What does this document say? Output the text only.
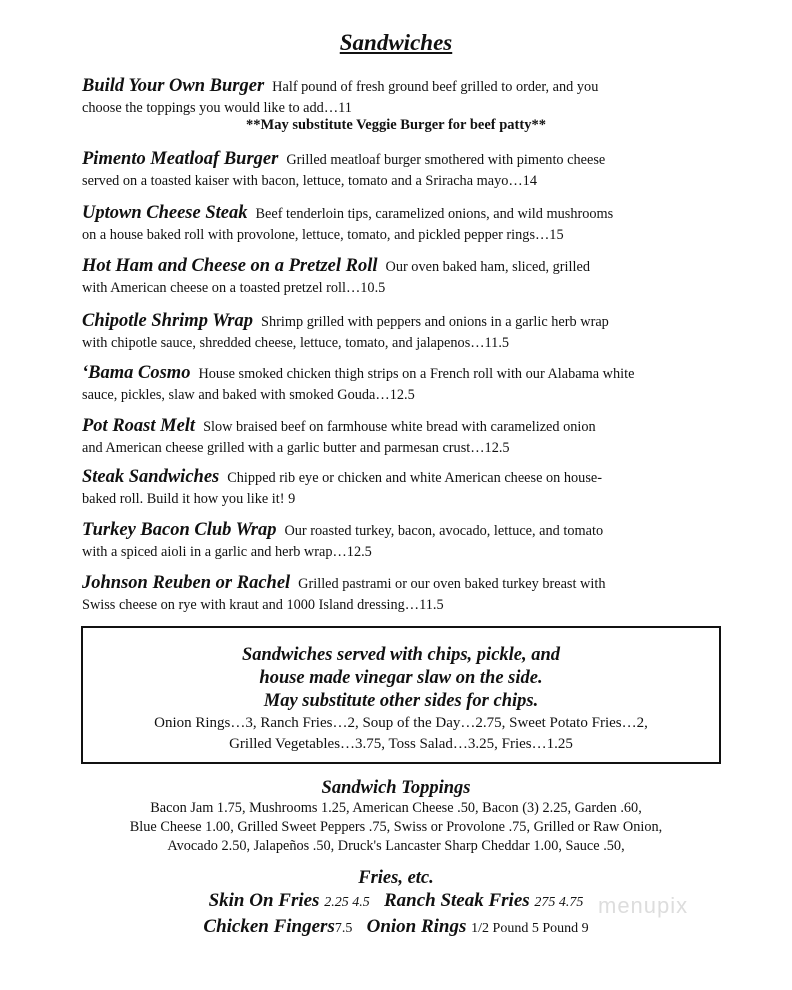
Sandwiches
Build Your Own Burger Half pound of fresh ground beef grilled to order, and you
choose the toppings you would like to add…11
**May substitute Veggie Burger for beef patty**
Pimento Meatloaf Burger Grilled meatloaf burger smothered with pimento cheese
served on a toasted kaiser with bacon, lettuce, tomato and a Sriracha mayo…14
Uptown Cheese Steak Beef tenderloin tips, caramelized onions, and wild mushrooms
on a house baked roll with provolone, lettuce, tomato, and pickled pepper rings…15
Hot Ham and Cheese on a Pretzel Roll Our oven baked ham, sliced, grilled
with American cheese on a toasted pretzel roll…10.5
Chipotle Shrimp Wrap Shrimp grilled with peppers and onions in a garlic herb wrap
with chipotle sauce, shredded cheese, lettuce, tomato, and jalapenos…11.5
‘Bama Cosmo House smoked chicken thigh strips on a French roll with our Alabama white
sauce, pickles, slaw and baked with smoked Gouda…12.5
Pot Roast Melt Slow braised beef on farmhouse white bread with caramelized onion
and American cheese grilled with a garlic butter and parmesan crust…12.5
Steak Sandwiches Chipped rib eye or chicken and white American cheese on house-
baked roll. Build it how you like it! 9
Turkey Bacon Club Wrap Our roasted turkey, bacon, avocado, lettuce, and tomato
with a spiced aioli in a garlic and herb wrap…12.5
Johnson Reuben or Rachel Grilled pastrami or our oven baked turkey breast with
Swiss cheese on rye with kraut and 1000 Island dressing…11.5
Sandwiches served with chips, pickle, and
house made vinegar slaw on the side.
May substitute other sides for chips.
Onion Rings…3, Ranch Fries…2, Soup of the Day…2.75, Sweet Potato Fries…2,
Grilled Vegetables…3.75, Toss Salad…3.25, Fries…1.25
Sandwich Toppings
Bacon Jam 1.75, Mushrooms 1.25, American Cheese .50, Bacon (3) 2.25, Garden .60,
Blue Cheese 1.00, Grilled Sweet Peppers .75, Swiss or Provolone .75, Grilled or Raw Onion,
Avocado 2.50, Jalapeños .50, Druck's Lancaster Sharp Cheddar 1.00, Sauce .50,
Fries, etc.
Skin On Fries 2.25 4.5 Ranch Steak Fries 275 4.75
Chicken Fingers7.5 Onion Rings 1/2 Pound 5 Pound 9
menupix
